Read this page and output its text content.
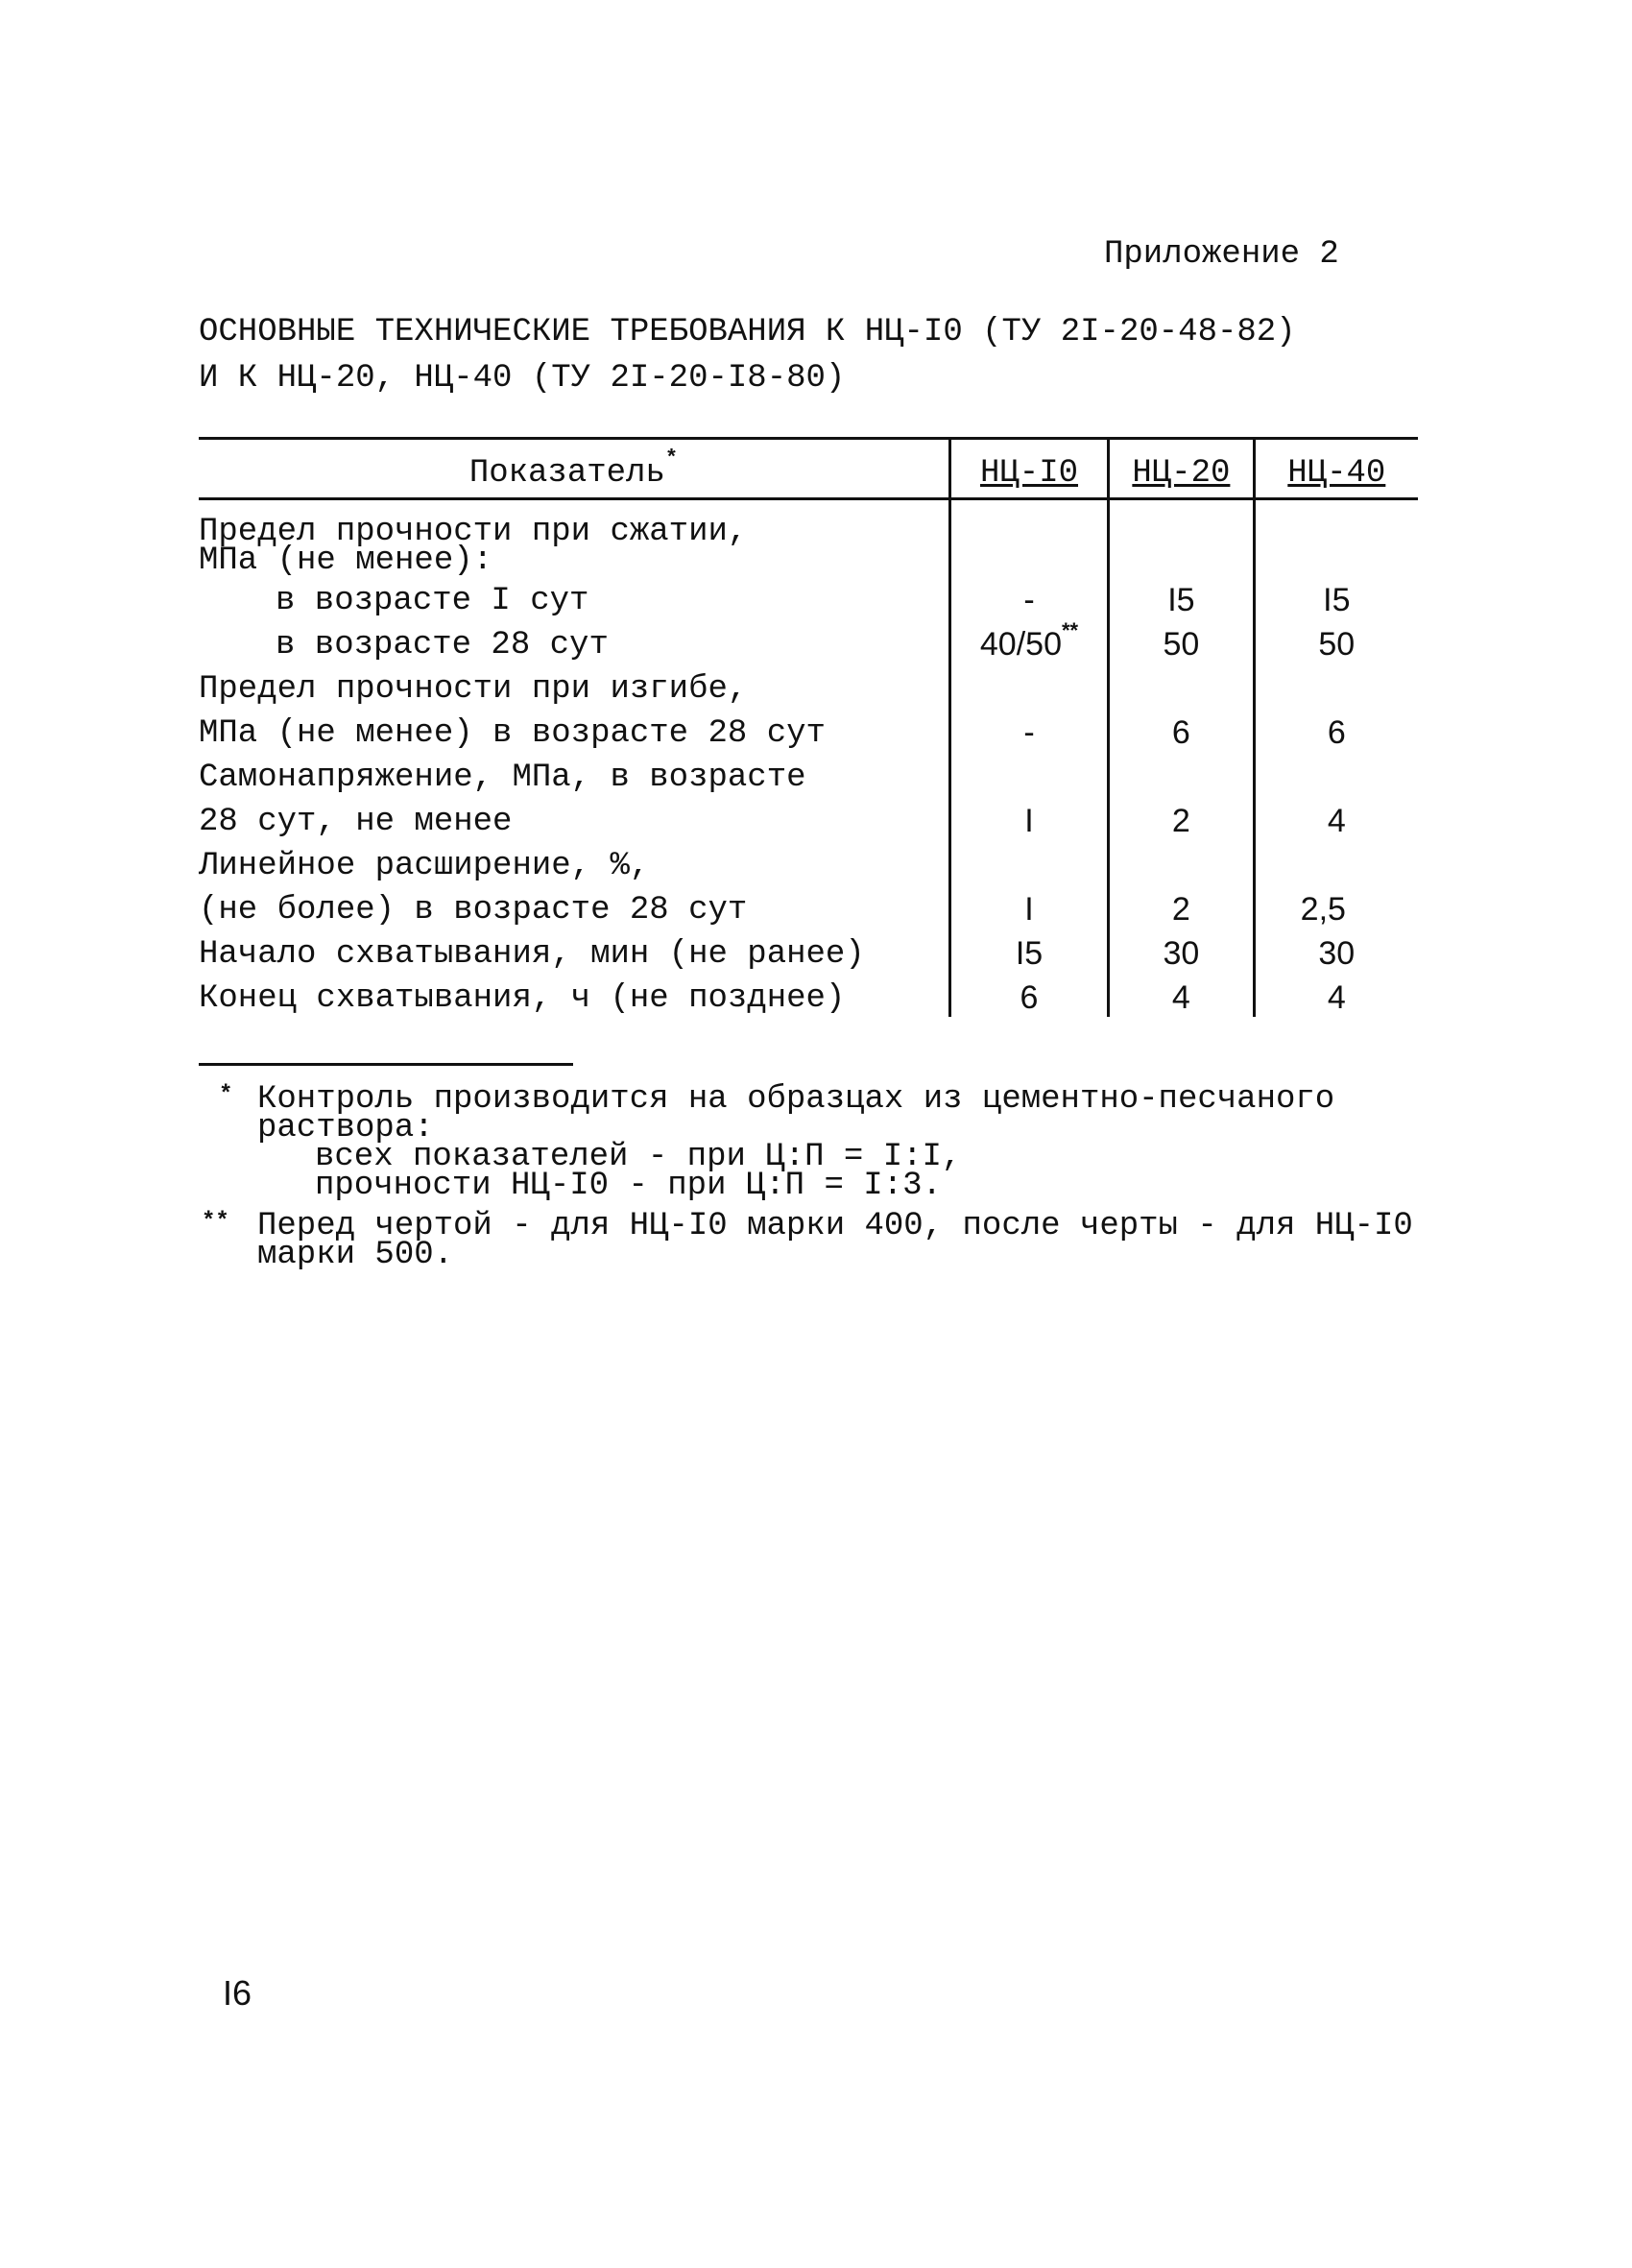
Приложение 2
ОСНОВНЫЕ ТЕХНИЧЕСКИЕ ТРЕБОВАНИЯ К НЦ-I0 (ТУ 2I-20-48-82)
И К НЦ-20, НЦ-40 (ТУ 2I-20-I8-80)
Показатель*	НЦ-I0	НЦ-20	НЦ-40
Предел прочности при сжатии, МПа (не менее):			
в возрасте I сут	-	I5	I5
в возрасте 28 сут	40/50**	50	50
Предел прочности при изгибе,			
МПа (не менее) в возрасте 28 сут	-	6	6
Самонапряжение, МПа, в возрасте			
28 сут, не менее	I	2	4
Линейное расширение, %,			
(не более) в возрасте 28 сут	I	2	2,5
Начало схватывания, мин (не ранее)	I5	30	30
Конец схватывания, ч (не позднее)	6	4	4
* Контроль производится на образцах из цементно-песчаного раствора:
всех показателей - при Ц:П = I:I,
прочности НЦ-I0 - при Ц:П = I:3.
** Перед чертой - для НЦ-I0 марки 400, после черты - для НЦ-I0 марки 500.
I6
